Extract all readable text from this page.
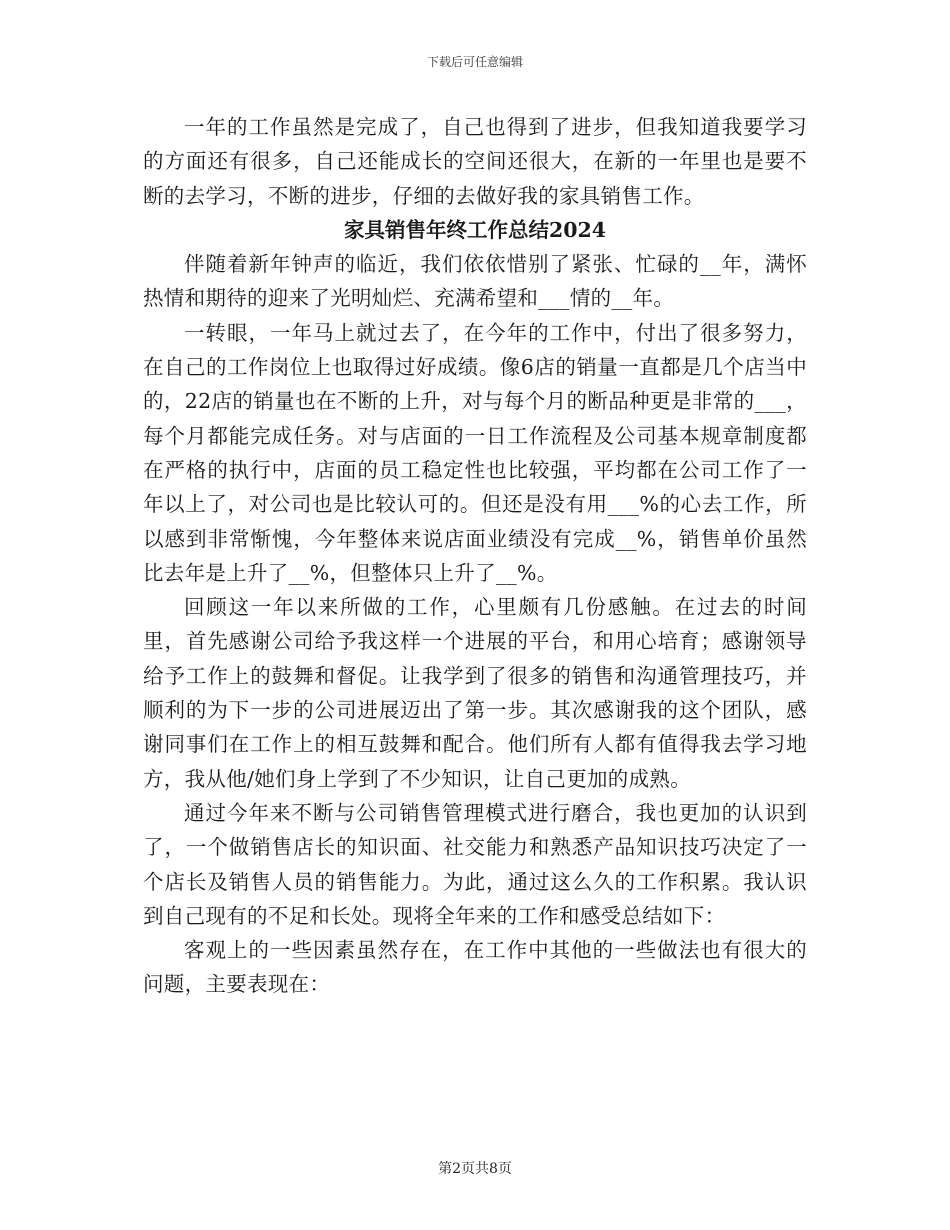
下载后可任意编辑

一年的工作虽然是完成了，自己也得到了进步，但我知道我要学习的方面还有很多，自己还能成长的空间还很大，在新的一年里也是要不断的去学习，不断的进步，仔细的去做好我的家具销售工作。

家具销售年终工作总结2024

伴随着新年钟声的临近，我们依依惜别了紧张、忙碌的__年，满怀热情和期待的迎来了光明灿烂、充满希望和___情的__年。

一转眼，一年马上就过去了，在今年的工作中，付出了很多努力，在自己的工作岗位上也取得过好成绩。像6店的销量一直都是几个店当中的，22店的销量也在不断的上升，对与每个月的断品种更是非常的___，每个月都能完成任务。对与店面的一日工作流程及公司基本规章制度都在严格的执行中，店面的员工稳定性也比较强，平均都在公司工作了一年以上了，对公司也是比较认可的。但还是没有用___%的心去工作，所以感到非常惭愧，今年整体来说店面业绩没有完成__%，销售单价虽然比去年是上升了__%，但整体只上升了__%。

回顾这一年以来所做的工作，心里颇有几份感触。在过去的时间里，首先感谢公司给予我这样一个进展的平台，和用心培育；感谢领导给予工作上的鼓舞和督促。让我学到了很多的销售和沟通管理技巧，并顺利的为下一步的公司进展迈出了第一步。其次感谢我的这个团队，感谢同事们在工作上的相互鼓舞和配合。他们所有人都有值得我去学习地方，我从他/她们身上学到了不少知识，让自己更加的成熟。

通过今年来不断与公司销售管理模式进行磨合，我也更加的认识到了，一个做销售店长的知识面、社交能力和熟悉产品知识技巧决定了一个店长及销售人员的销售能力。为此，通过这么久的工作积累。我认识到自己现有的不足和长处。现将全年来的工作和感受总结如下：

客观上的一些因素虽然存在，在工作中其他的一些做法也有很大的问题，主要表现在：

第2页共8页
